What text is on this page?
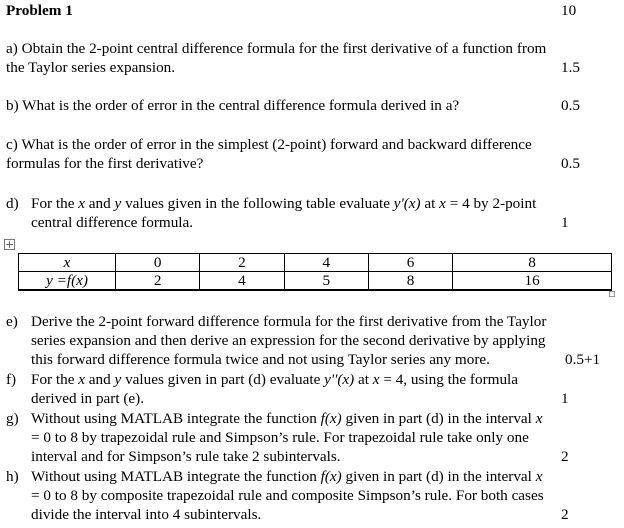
Problem 1	10
a) Obtain the 2-point central difference formula for the first derivative of a function from
the Taylor series expansion.	1.5
b) What is the order of error in the central difference formula derived in a?	0.5
c) What is the order of error in the simplest (2-point) forward and backward difference
formulas for the first derivative?	0.5
d) For the x and y values given in the following table evaluate y'(x) at x = 4 by 2-point
central difference formula.	1
+
x	0	2	4	6	8
y =f(x)	2	4	5	8	16
e) Derive the 2-point forward difference formula for the first derivative from the Taylor
series expansion and then derive an expression for the second derivative by applying
this forward difference formula twice and not using Taylor series any more.	0.5+1
f) For the x and y values given in part (d) evaluate y''(x) at x = 4, using the formula
derived in part (e).	1
g) Without using MATLAB integrate the function f(x) given in part (d) in the interval x
= 0 to 8 by trapezoidal rule and Simpson’s rule. For trapezoidal rule take only one
interval and for Simpson’s rule take 2 subintervals.	2
h) Without using MATLAB integrate the function f(x) given in part (d) in the interval x
= 0 to 8 by composite trapezoidal rule and composite Simpson’s rule. For both cases
divide the interval into 4 subintervals.	2
